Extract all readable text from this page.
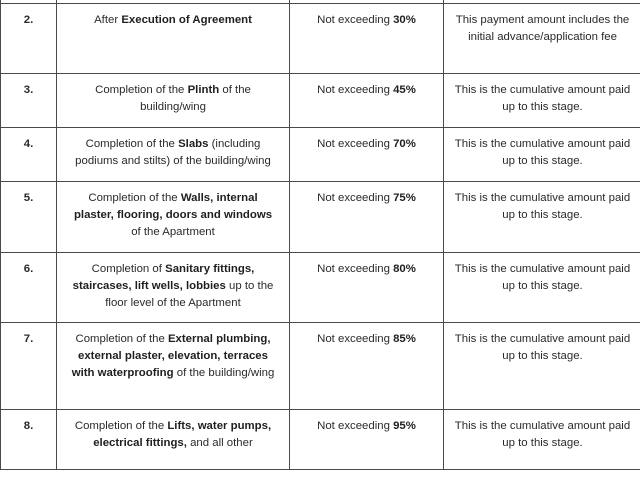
2.	After Execution of Agreement	Not exceeding 30%	This payment amount includes the initial advance/application fee
3.	Completion of the Plinth of the building/wing	Not exceeding 45%	This is the cumulative amount paid up to this stage.
4.	Completion of the Slabs (including podiums and stilts) of the building/wing	Not exceeding 70%	This is the cumulative amount paid up to this stage.
5.	Completion of the Walls, internal plaster, flooring, doors and windows of the Apartment	Not exceeding 75%	This is the cumulative amount paid up to this stage.
6.	Completion of Sanitary fittings, staircases, lift wells, lobbies up to the floor level of the Apartment	Not exceeding 80%	This is the cumulative amount paid up to this stage.
7.	Completion of the External plumbing, external plaster, elevation, terraces with waterproofing of the building/wing	Not exceeding 85%	This is the cumulative amount paid up to this stage.
8.	Completion of the Lifts, water pumps, electrical fittings, and all other	Not exceeding 95%	This is the cumulative amount paid up to this stage.
